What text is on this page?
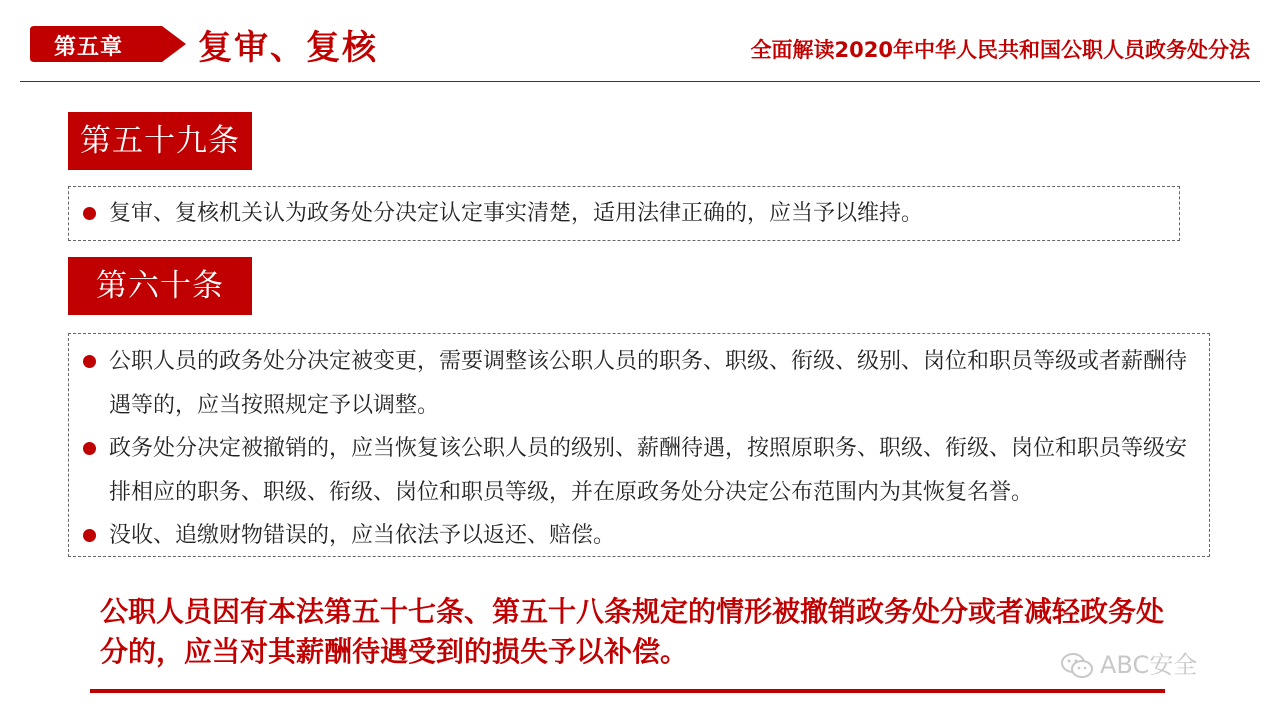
第五章 复审、复核	全面解读2020年中华人民共和国公职人员政务处分法
第五十九条
复审、复核机关认为政务处分决定认定事实清楚，适用法律正确的，应当予以维持。
第六十条
公职人员的政务处分决定被变更，需要调整该公职人员的职务、职级、衔级、级别、岗位和职员等级或者薪酬待遇等的，应当按照规定予以调整。
政务处分决定被撤销的，应当恢复该公职人员的级别、薪酬待遇，按照原职务、职级、衔级、岗位和职员等级安排相应的职务、职级、衔级、岗位和职员等级，并在原政务处分决定公布范围内为其恢复名誉。
没收、追缴财物错误的，应当依法予以返还、赔偿。
公职人员因有本法第五十七条、第五十八条规定的情形被撤销政务处分或者减轻政务处分的，应当对其薪酬待遇受到的损失予以补偿。	ABC安全
